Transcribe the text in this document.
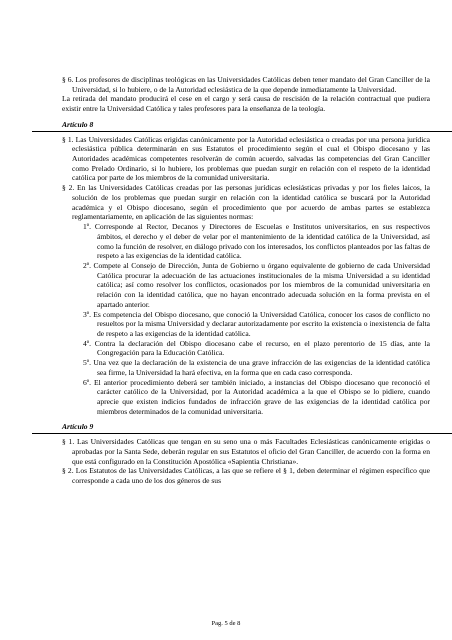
§ 6. Los profesores de disciplinas teológicas en las Universidades Católicas deben tener mandato del Gran Canciller de la Universidad, si lo hubiere, o de la Autoridad eclesiástica de la que depende inmediatamente la Universidad.

La retirada del mandato producirá el cese en el cargo y será causa de rescisión de la relación contractual que pudiera existir entre la Universidad Católica y tales profesores para la enseñanza de la teología.

Artículo 8

§ 1. Las Universidades Católicas erigidas canónicamente por la Autoridad eclesiástica o creadas por una persona jurídica eclesiástica pública determinarán en sus Estatutos el procedimiento según el cual el Obispo diocesano y las Autoridades académicas competentes resolverán de común acuerdo, salvadas las competencias del Gran Canciller como Prelado Ordinario, si lo hubiere, los problemas que puedan surgir en relación con el respeto de la identidad católica por parte de los miembros de la comunidad universitaria.

§ 2. En las Universidades Católicas creadas por las personas jurídicas eclesiásticas privadas y por los fieles laicos, la solución de los problemas que puedan surgir en relación con la identidad católica se buscará por la Autoridad académica y el Obispo diocesano, según el procedimiento que por acuerdo de ambas partes se establezca reglamentariamente, en aplicación de las siguientes normas:

1º. Corresponde al Rector, Decanos y Directores de Escuelas e Institutos universitarios, en sus respectivos ámbitos, el derecho y el deber de velar por el mantenimiento de la identidad católica de la Universidad, así como la función de resolver, en diálogo privado con los interesados, los conflictos planteados por las faltas de respeto a las exigencias de la identidad católica.

2º. Compete al Consejo de Dirección, Junta de Gobierno u órgano equivalente de gobierno de cada Universidad Católica procurar la adecuación de las actuaciones institucionales de la misma Universidad a su identidad católica; así como resolver los conflictos, ocasionados por los miembros de la comunidad universitaria en relación con la identidad católica, que no hayan encontrado adecuada solución en la forma prevista en el apartado anterior.

3º. Es competencia del Obispo diocesano, que conoció la Universidad Católica, conocer los casos de conflicto no resueltos por la misma Universidad y declarar autorizadamente por escrito la existencia o inexistencia de falta de respeto a las exigencias de la identidad católica.

4º. Contra la declaración del Obispo diocesano cabe el recurso, en el plazo perentorio de 15 días, ante la Congregación para la Educación Católica.

5º. Una vez que la declaración de la existencia de una grave infracción de las exigencias de la identidad católica sea firme, la Universidad la hará efectiva, en la forma que en cada caso corresponda.

6º. El anterior procedimiento deberá ser también iniciado, a instancias del Obispo diocesano que reconoció el carácter católico de la Universidad, por la Autoridad académica a la que el Obispo se lo pidiere, cuando aprecie que existen indicios fundados de infracción grave de las exigencias de la identidad católica por miembros determinados de la comunidad universitaria.

Artículo 9

§ 1. Las Universidades Católicas que tengan en su seno una o más Facultades Eclesiásticas canónicamente erigidas o aprobadas por la Santa Sede, deberán regular en sus Estatutos el oficio del Gran Canciller, de acuerdo con la forma en que está configurado en la Constitución Apostólica «Sapientia Christiana».

§ 2. Los Estatutos de las Universidades Católicas, a las que se refiere el § 1, deben determinar el régimen específico que corresponde a cada uno de los dos géneros de sus

Pag. 5 de 8
